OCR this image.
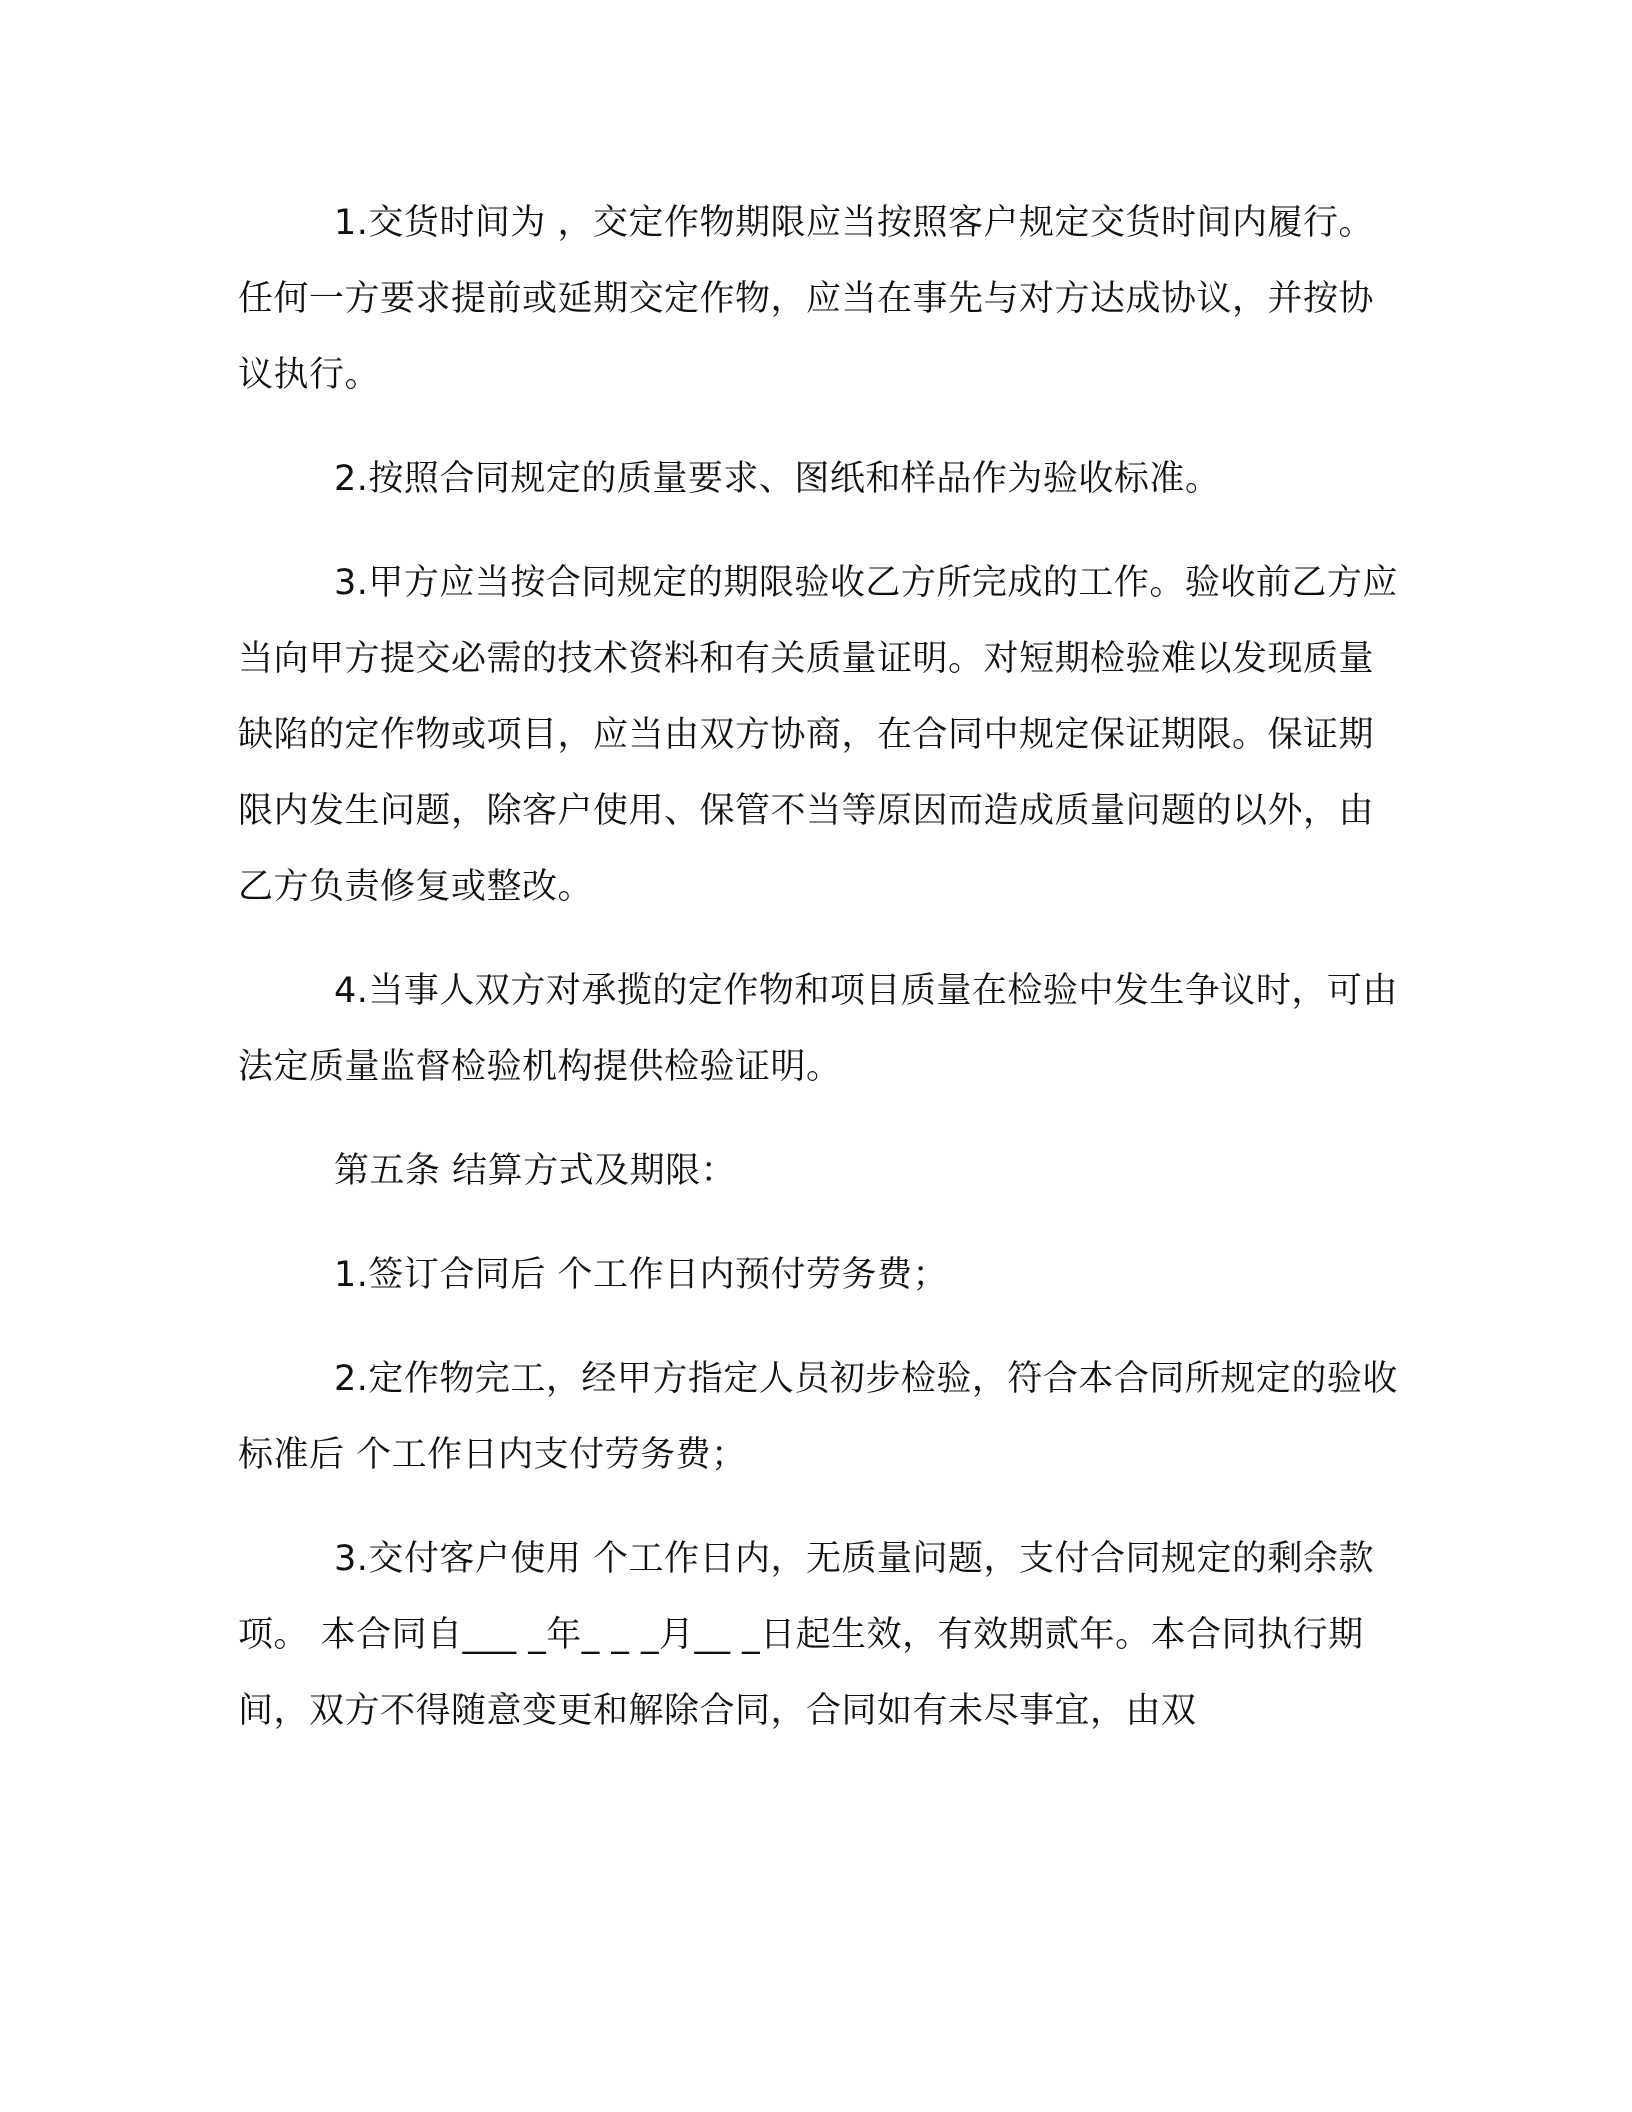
1.交货时间为 ，交定作物期限应当按照客户规定交货时间内履行。任何一方要求提前或延期交定作物，应当在事先与对方达成协议，并按协议执行。

2.按照合同规定的质量要求、图纸和样品作为验收标准。

3.甲方应当按合同规定的期限验收乙方所完成的工作。验收前乙方应当向甲方提交必需的技术资料和有关质量证明。对短期检验难以发现质量缺陷的定作物或项目，应当由双方协商，在合同中规定保证期限。保证期限内发生问题，除客户使用、保管不当等原因而造成质量问题的以外，由乙方负责修复或整改。

4.当事人双方对承揽的定作物和项目质量在检验中发生争议时，可由法定质量监督检验机构提供检验证明。

第五条 结算方式及期限：

1.签订合同后 个工作日内预付劳务费；

2.定作物完工，经甲方指定人员初步检验，符合本合同所规定的验收标准后 个工作日内支付劳务费；

3.交付客户使用 个工作日内，无质量问题，支付合同规定的剩余款项。 本合同自___ _年_ _ _月__ _日起生效，有效期贰年。本合同执行期间，双方不得随意变更和解除合同，合同如有未尽事宜，由双
